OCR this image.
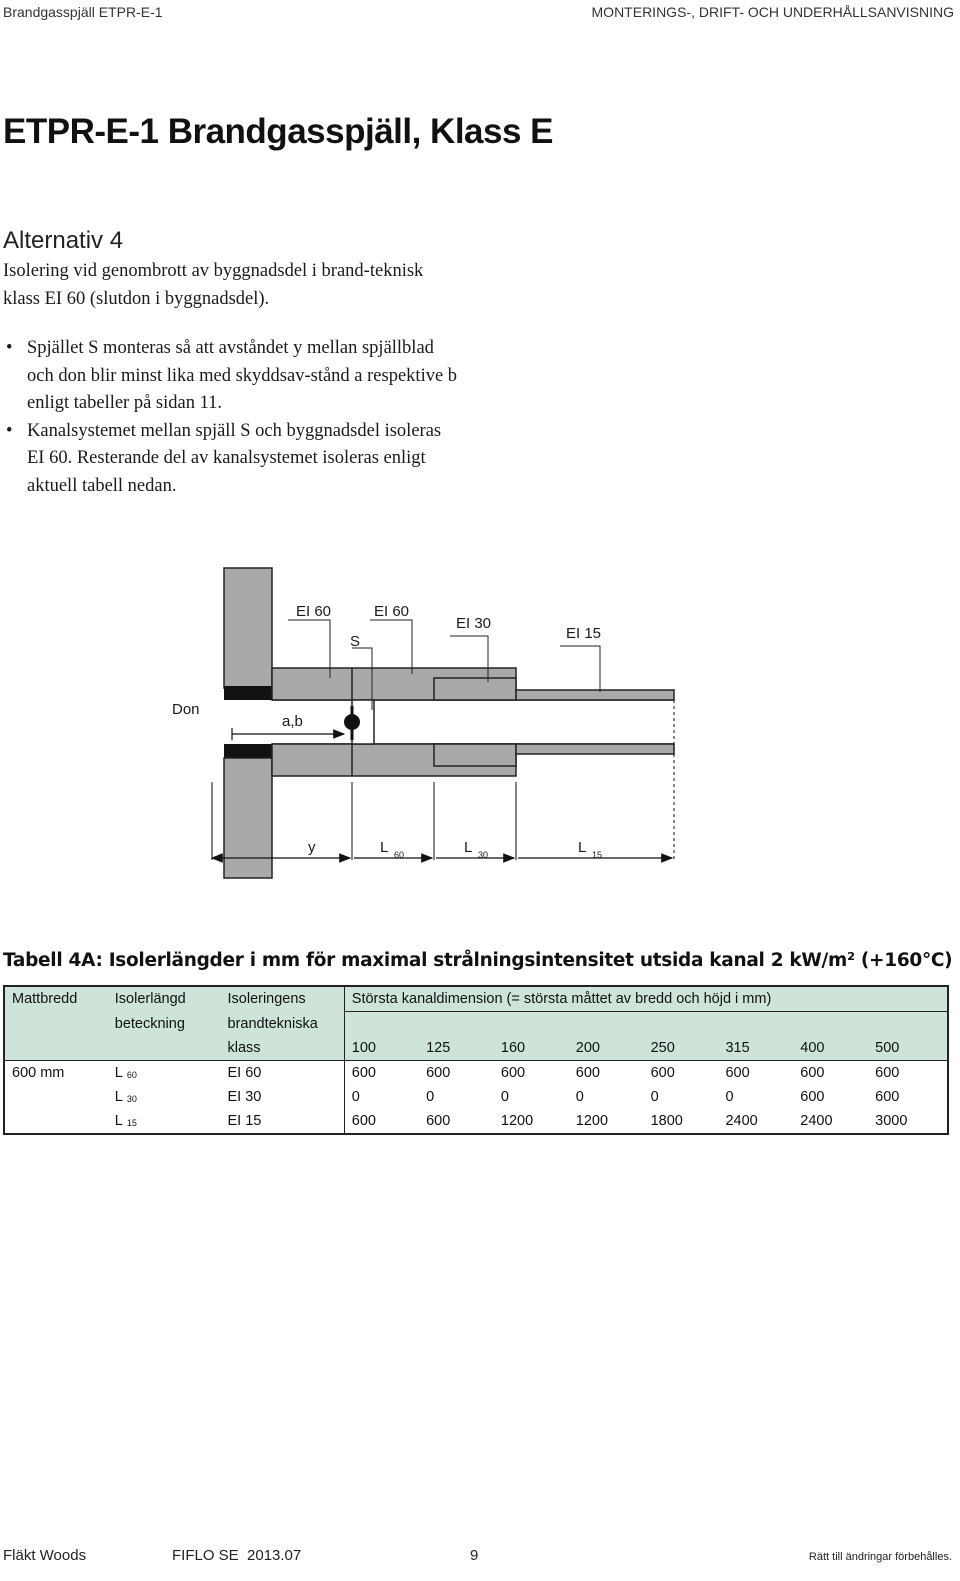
Brandgasspjäll ETPR-E-1	MONTERINGS-, DRIFT- OCH UNDERHÅLLSANVISNING
ETPR-E-1 Brandgasspjäll, Klass E
Alternativ 4
Isolering vid genombrott av byggnadsdel i brand-teknisk klass EI 60 (slutdon i byggnadsdel).
• Spjället S monteras så att avståndet y mellan spjällblad och don blir minst lika med skyddsav-stånd a respektive b enligt tabeller på sidan 11.
• Kanalsystemet mellan spjäll S och byggnadsdel isoleras EI 60. Resterande del av kanalsystemet isoleras enligt aktuell tabell nedan.
EI 60
S
EI 60
EI 30
EI 15
Don
a,b
y	L 60	L 30	L 15
Tabell 4A: Isolerlängder i mm för maximal strålningsintensitet utsida kanal 2 kW/m² (+160°C)
Mattbredd	Isolerlängd	Isoleringens	Största kanaldimension (= största måttet av bredd och höjd i mm)							
	beteckning	brandtekniska								
		klass	100	125	160	200	250	315	400	500
600 mm	L 60	EI 60	600	600	600	600	600	600	600	600
	L 30	EI 30	0	0	0	0	0	0	600	600
	L 15	EI 15	600	600	1200	1200	1800	2400	2400	3000
Fläkt Woods	FIFLO SE  2013.07	9	Rätt till ändringar förbehålles.
